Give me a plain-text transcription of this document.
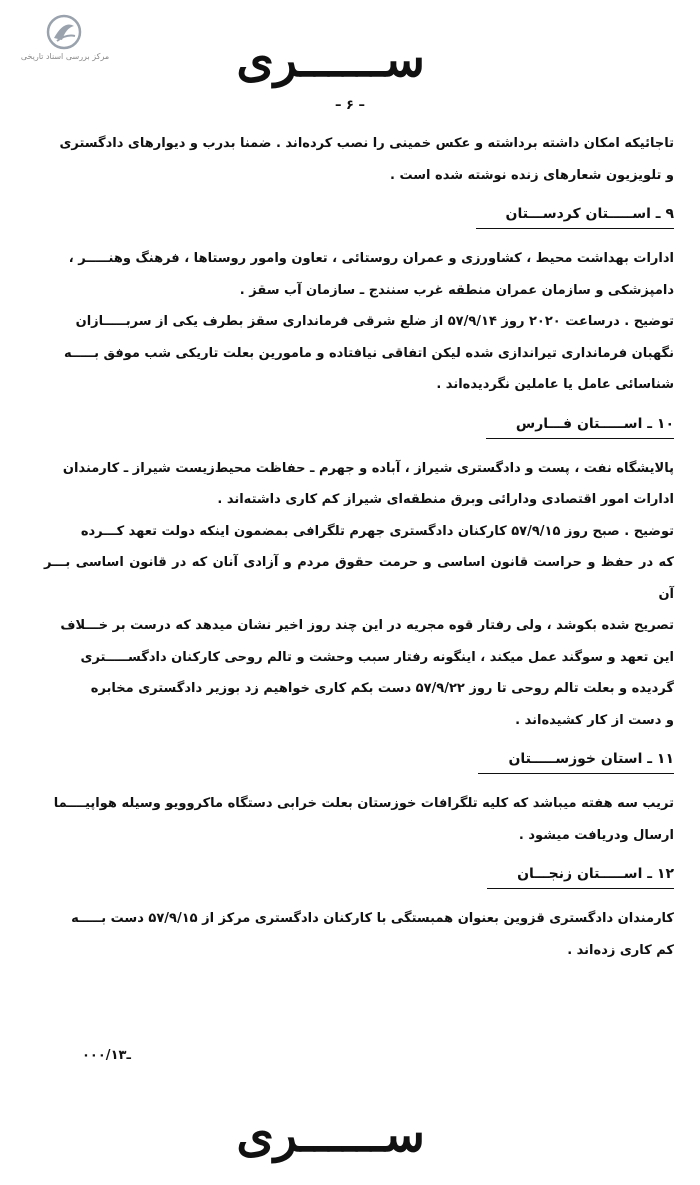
مرکز بررسی اسناد تاریخی	ســــــری
– ۶ –

تاجائیکه امکان داشته برداشته و عکس خمینی را نصب کرده‌اند . ضمنا بدرب و دیوارهای دادگستری

و تلویزیون شعارهای زنده نوشته شده است .

۹ ـ اســـــتان کردســـتان

ادارات بهداشت محیط ، کشاورزی و عمران روستائی ، تعاون وامور روستاها ، فرهنگ وهنـــــر ،

دامپزشکی و سازمان عمران منطقه غرب سنندج ـ سازمان آب سقز .

توضیح . درساعت ۲۰۲۰ روز ۵۷/۹/۱۴ از ضلع شرقی فرمانداری سقز بطرف یکی از سربـــــازان

نگهبان فرمانداری تیراندازی شده لیکن اتفاقی نیافتاده و مامورین بعلت تاریکی شب موفق بـــــه

شناسائی عامل یا عاملین نگردیده‌اند .

۱۰ ـ اســـــتان فـــارس

پالایشگاه نفت ، پست و دادگستری شیراز ، آباده و جهرم ـ حفاظت محیط‌زیست شیراز ـ کارمندان

ادارات امور اقتصادی ودارائی وبرق منطقه‌ای شیراز کم کاری داشته‌اند .

توضیح . صبح روز ۵۷/۹/۱۵ کارکنان دادگستری جهرم تلگرافی بمضمون اینکه دولت تعهد کـــرده

که در حفظ و حراست قانون اساسی و حرمت حقوق مردم و آزادی آنان که در قانون اساسی بـــر آن

تصریح شده بکوشد ، ولی رفتار قوه مجریه در این چند روز اخیر نشان میدهد که درست بر خـــلاف

این تعهد و سوگند عمل میکند ، اینگونه رفتار سبب وحشت و تالم روحی کارکنان دادگســـــتری

گردیده و بعلت تالم روحی تا روز ۵۷/۹/۲۲ دست بکم کاری خواهیم زد بوزیر دادگستری مخابره

و دست از کار کشیده‌اند .

۱۱ ـ استان خوزســـــتان

تریب سه هفته میباشد که کلیه تلگرافات خوزستان بعلت خرابی دستگاه ماکروویو وسیله هواپیــــما

ارسال ودریافت میشود .

۱۲ ـ اســـــتان زنجـــان

کارمندان دادگستری قزوین بعنوان همبستگی با کارکنان دادگستری مرکز از ۵۷/۹/۱۵ دست بـــــه

کم کاری زده‌اند .

۰۰۰/ـ۱۳
ســــــری
